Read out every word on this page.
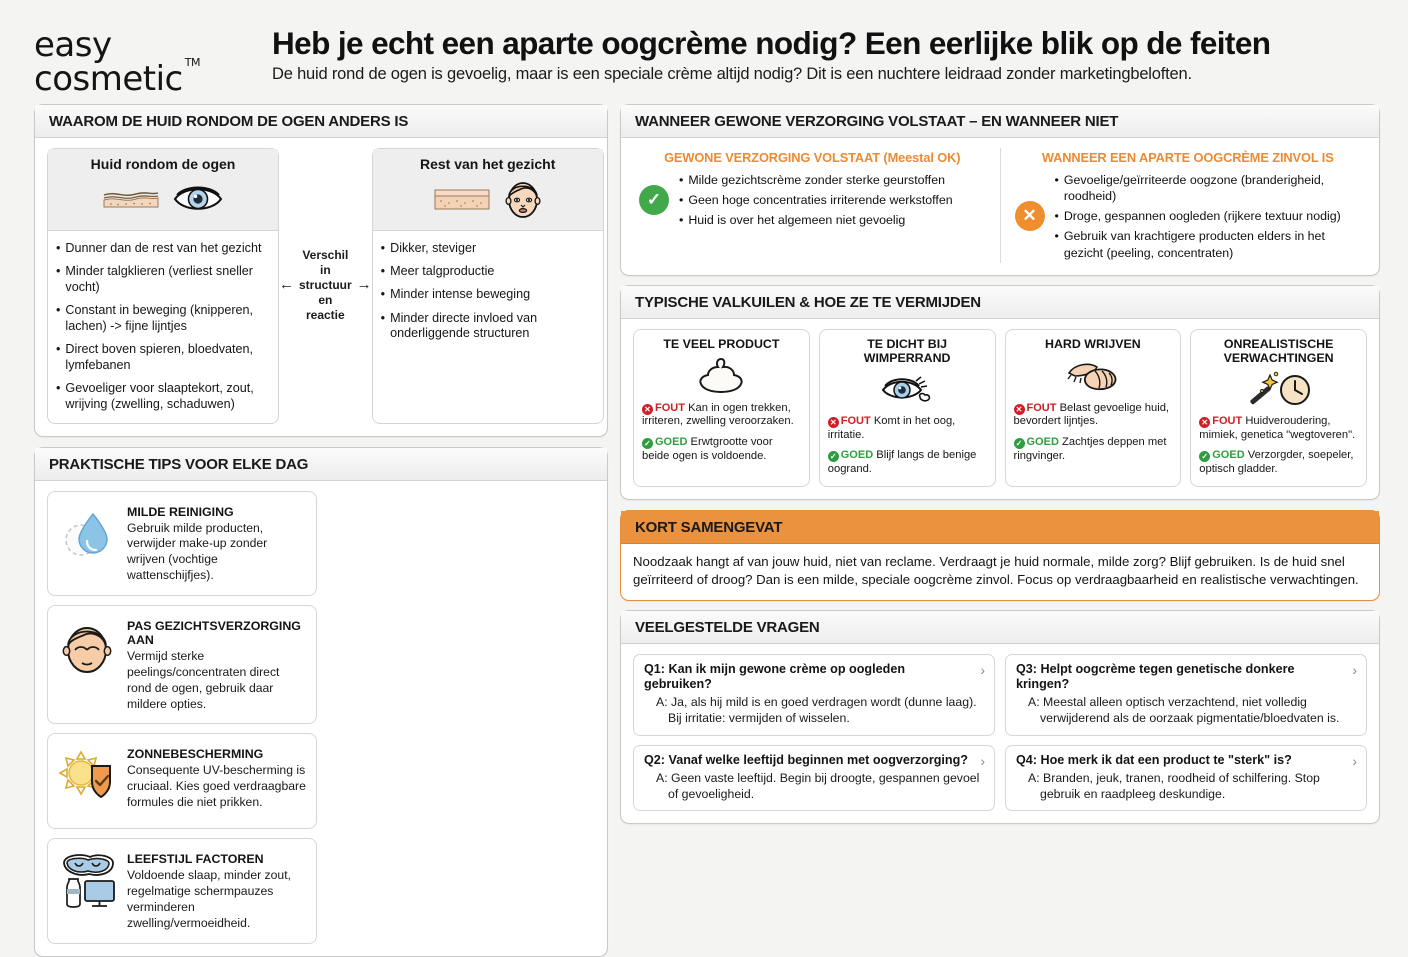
easy
cosmetic ™
Heb je echt een aparte oogcrème nodig? Een eerlijke blik op de feiten
De huid rond de ogen is gevoelig, maar is een speciale crème altijd nodig? Dit is een nuchtere leidraad zonder marketingbeloften.
WAAROM DE HUID RONDOM DE OGEN ANDERS IS
Huid rondom de ogen
• Dunner dan de rest van het gezicht
• Minder talgklieren (verliest sneller vocht)
• Constant in beweging (knipperen, lachen) -> fijne lijntjes
• Direct boven spieren, bloedvaten, lymfebanen
• Gevoeliger voor slaaptekort, zout, wrijving (zwelling, schaduwen)
←
Verschil in
structuur
en reactie
→
Rest van het gezicht
• Dikker, steviger
• Meer talgproductie
• Minder intense beweging
• Minder directe invloed van onderliggende structuren
PRAKTISCHE TIPS VOOR ELKE DAG
MILDE REINIGING
Gebruik milde producten, verwijder make-up zonder wrijven (vochtige wattenschijfjes).
PAS GEZICHTSVERZORGING AAN
Vermijd sterke peelings/concentraten direct rond de ogen, gebruik daar mildere opties.
ZONNEBESCHERMING
Consequente UV-bescherming is cruciaal. Kies goed verdraagbare formules die niet prikken.
LEEFSTIJL FACTOREN
Voldoende slaap, minder zout, regelmatige schermpauzes verminderen zwelling/vermoeidheid.
WANNEER GEWONE VERZORGING VOLSTAAT – EN WANNEER NIET
GEWONE VERZORGING VOLSTAAT (Meestal OK)
✓
• Milde gezichtscrème zonder sterke geurstoffen
• Geen hoge concentraties irriterende werkstoffen
• Huid is over het algemeen niet gevoelig
WANNEER EEN APARTE OOGCRÈME ZINVOL IS
✕
• Gevoelige/geïrriteerde oogzone (branderigheid, roodheid)
• Droge, gespannen oogleden (rijkere textuur nodig)
• Gebruik van krachtigere producten elders in het gezicht (peeling, concentraten)
TYPISCHE VALKUILEN & HOE ZE TE VERMIJDEN
TE VEEL PRODUCT
✕ FOUT Kan in ogen trekken, irriteren, zwelling veroorzaken.
✓ GOED Erwtgrootte voor beide ogen is voldoende.
TE DICHT BIJ WIMPERRAND
✕ FOUT Komt in het oog, irritatie.
✓ GOED Blijf langs de benige oogrand.
HARD WRIJVEN
✕ FOUT Belast gevoelige huid, bevordert lijntjes.
✓ GOED Zachtjes deppen met ringvinger.
ONREALISTISCHE VERWACHTINGEN
✕ FOUT Huidveroudering, mimiek, genetica "wegtoveren".
✓ GOED Verzorgder, soepeler, optisch gladder.
KORT SAMENGEVAT
Noodzaak hangt af van jouw huid, niet van reclame. Verdraagt je huid normale, milde zorg? Blijf gebruiken. Is de huid snel geïrriteerd of droog? Dan is een milde, speciale oogcrème zinvol. Focus op verdraagbaarheid en realistische verwachtingen.
VEELGESTELDE VRAGEN
Q1: Kan ik mijn gewone crème op oogleden gebruiken?
›
A: Ja, als hij mild is en goed verdragen wordt (dunne laag). Bij irritatie: vermijden of wisselen.
Q2: Vanaf welke leeftijd beginnen met oogverzorging? ›
A: Geen vaste leeftijd. Begin bij droogte, gespannen gevoel of gevoeligheid.
Q3: Helpt oogcrème tegen genetische donkere kringen?
›
A: Meestal alleen optisch verzachtend, niet volledig verwijderend als de oorzaak pigmentatie/bloedvaten is.
Q4: Hoe merk ik dat een product te "sterk" is?	›
A: Branden, jeuk, tranen, roodheid of schilfering. Stop gebruik en raadpleeg deskundige.
